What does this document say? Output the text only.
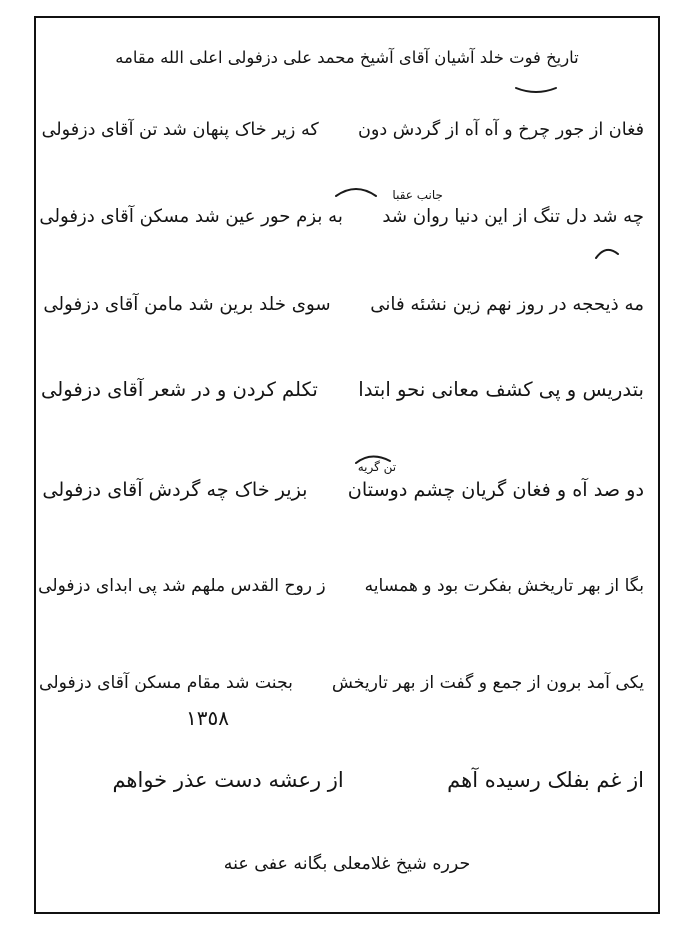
تاریخ فوت خلد آشیان آقای آشیخ محمد علی دزفولی اعلی الله مقامه
فغان از جور چرخ و آه آه از گردش دون  که زیر خاک پنهان شد تن آقای دزفولی
چه شد دل تنگ از این دنیا روان شد
جانب عقبا
به بزم حور عین شد مسکن آقای دزفولی
مه ذیحجه در روز نهم زین نشئه فانی  سوی خلد برین شد مامن آقای دزفولی
بتدریس و پی کشف معانی نحو ابتدا  تکلم کردن و در شعر آقای دزفولی
دو صد آه و فغان گریان چشم دوستان
تن گریه
بزیر خاک چه گردش آقای دزفولی
بگا از بهر تاریخش بفکرت بود و همسایه  ز روح القدس ملهم شد پی ابدای دزفولی
یکی آمد برون از جمع و گفت از بهر تاریخش  بجنت شد مقام مسکن آقای دزفولی
١٣٥٨
از غم بفلک رسیده آهم  از رعشه دست عذر خواهم
حرره شیخ غلامعلی بگانه عفی عنه
